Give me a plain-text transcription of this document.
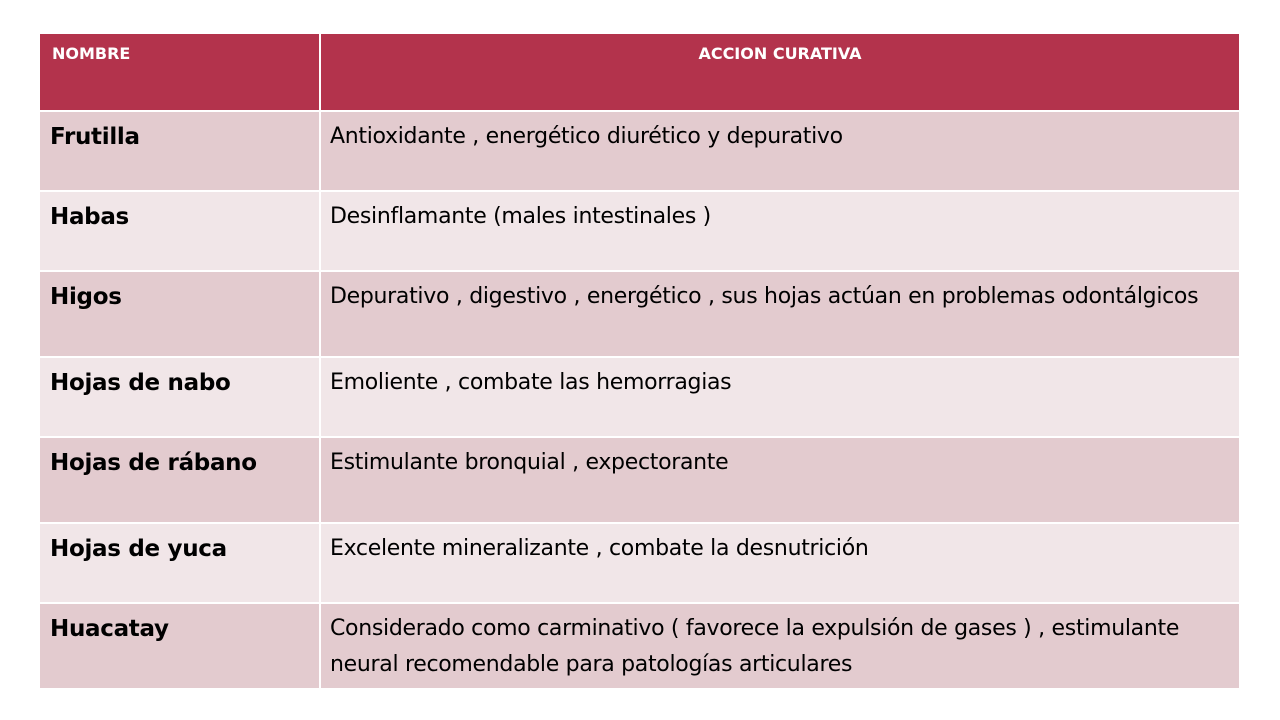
NOMBRE	ACCION CURATIVA
Frutilla	Antioxidante , energético diurético y depurativo
Habas	Desinflamante (males intestinales )
Higos	Depurativo , digestivo , energético , sus hojas actúan en problemas odontálgicos
Hojas de nabo	Emoliente , combate las hemorragias
Hojas de rábano	Estimulante bronquial , expectorante
Hojas de yuca	Excelente mineralizante , combate la desnutrición
Huacatay	Considerado como carminativo ( favorece la expulsión de gases ) , estimulante neural recomendable para patologías articulares
